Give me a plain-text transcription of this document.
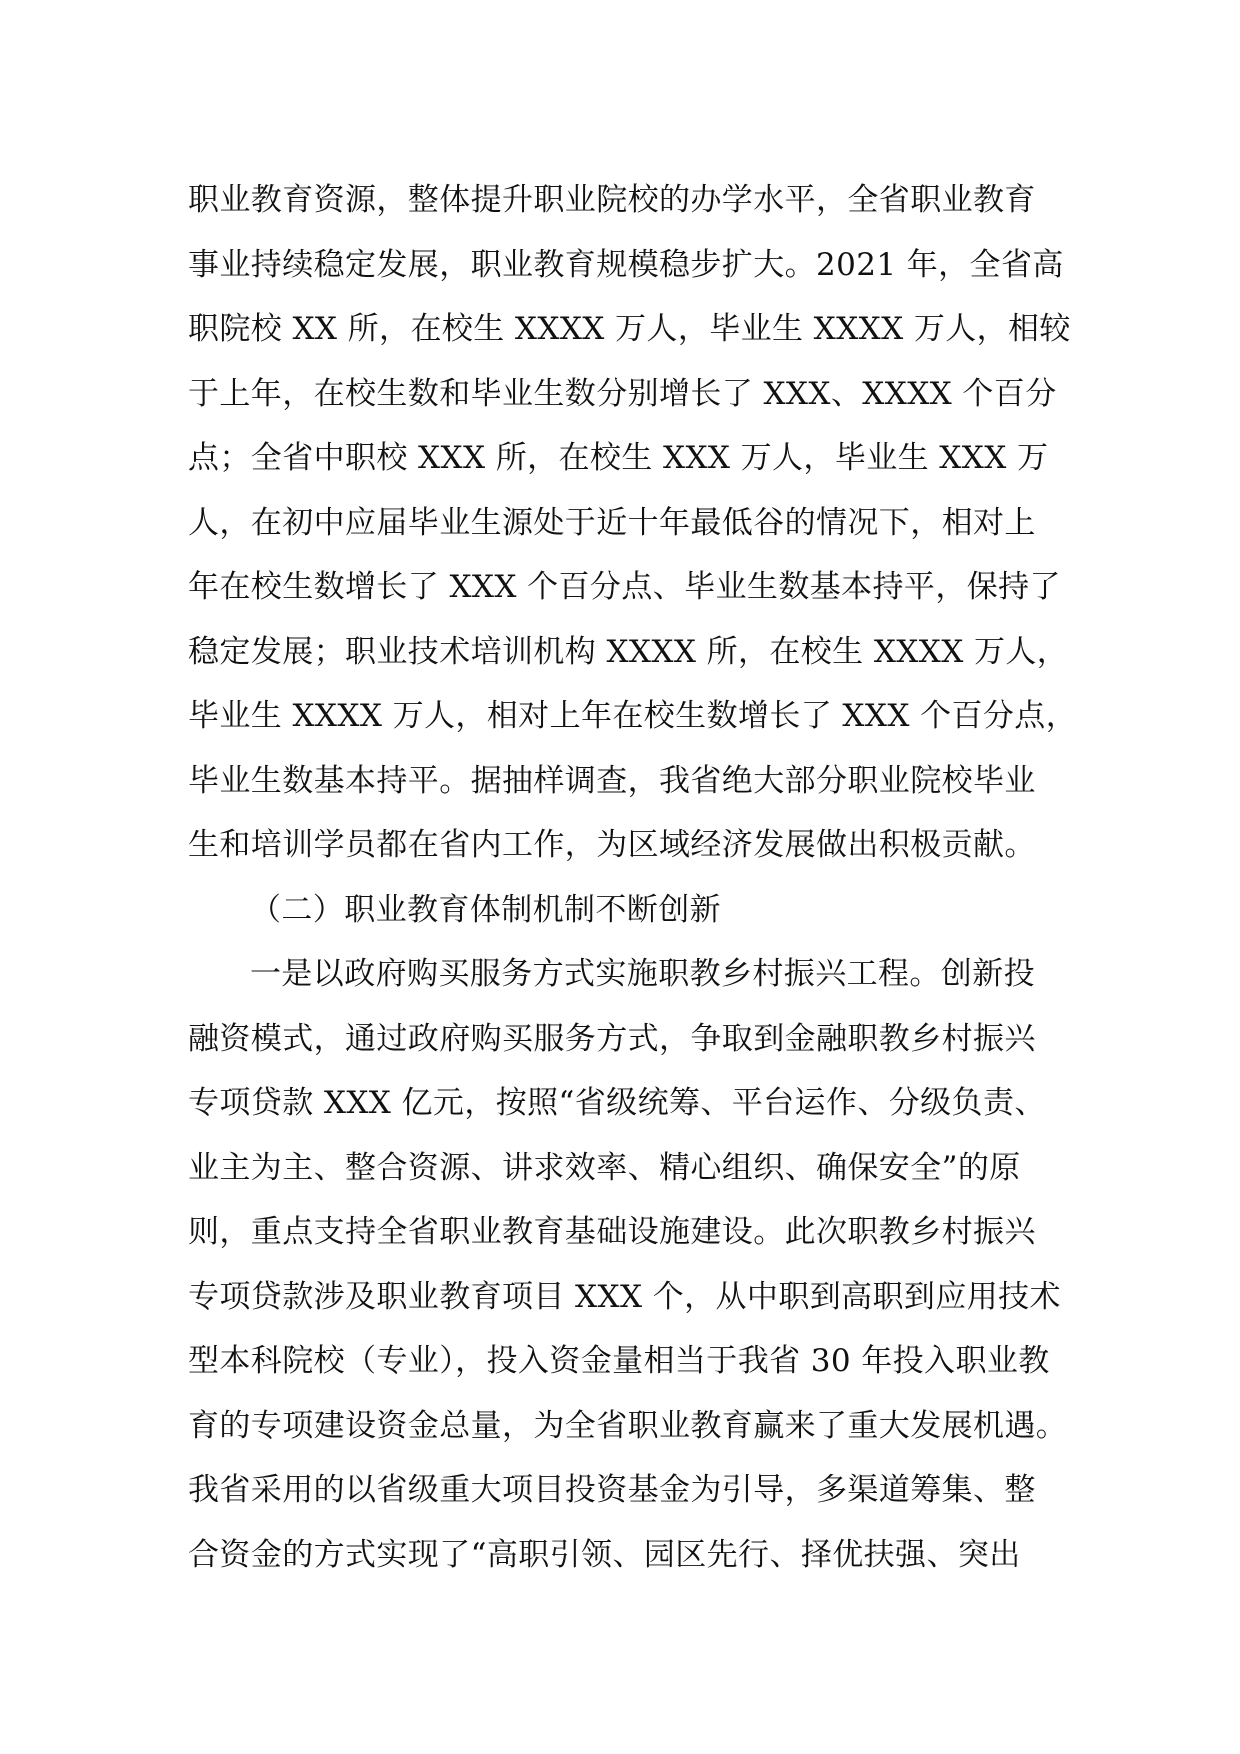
职业教育资源，整体提升职业院校的办学水平，全省职业教育
事业持续稳定发展，职业教育规模稳步扩大。2021 年，全省高
职院校 XX 所，在校生 XXXX 万人，毕业生 XXXX 万人，相较
于上年，在校生数和毕业生数分别增长了 XXX、XXXX 个百分
点；全省中职校 XXX 所，在校生 XXX 万人，毕业生 XXX 万
人，在初中应届毕业生源处于近十年最低谷的情况下，相对上
年在校生数增长了 XXX 个百分点、毕业生数基本持平，保持了
稳定发展；职业技术培训机构 XXXX 所，在校生 XXXX 万人，
毕业生 XXXX 万人，相对上年在校生数增长了 XXX 个百分点，
毕业生数基本持平。据抽样调查，我省绝大部分职业院校毕业
生和培训学员都在省内工作，为区域经济发展做出积极贡献。
（二）职业教育体制机制不断创新
一是以政府购买服务方式实施职教乡村振兴工程。创新投
融资模式，通过政府购买服务方式，争取到金融职教乡村振兴
专项贷款 XXX 亿元，按照“省级统筹、平台运作、分级负责、
业主为主、整合资源、讲求效率、精心组织、确保安全”的原
则，重点支持全省职业教育基础设施建设。此次职教乡村振兴
专项贷款涉及职业教育项目 XXX 个，从中职到高职到应用技术
型本科院校（专业），投入资金量相当于我省 30 年投入职业教
育的专项建设资金总量，为全省职业教育赢来了重大发展机遇。
我省采用的以省级重大项目投资基金为引导，多渠道筹集、整
合资金的方式实现了“高职引领、园区先行、择优扶强、突出
